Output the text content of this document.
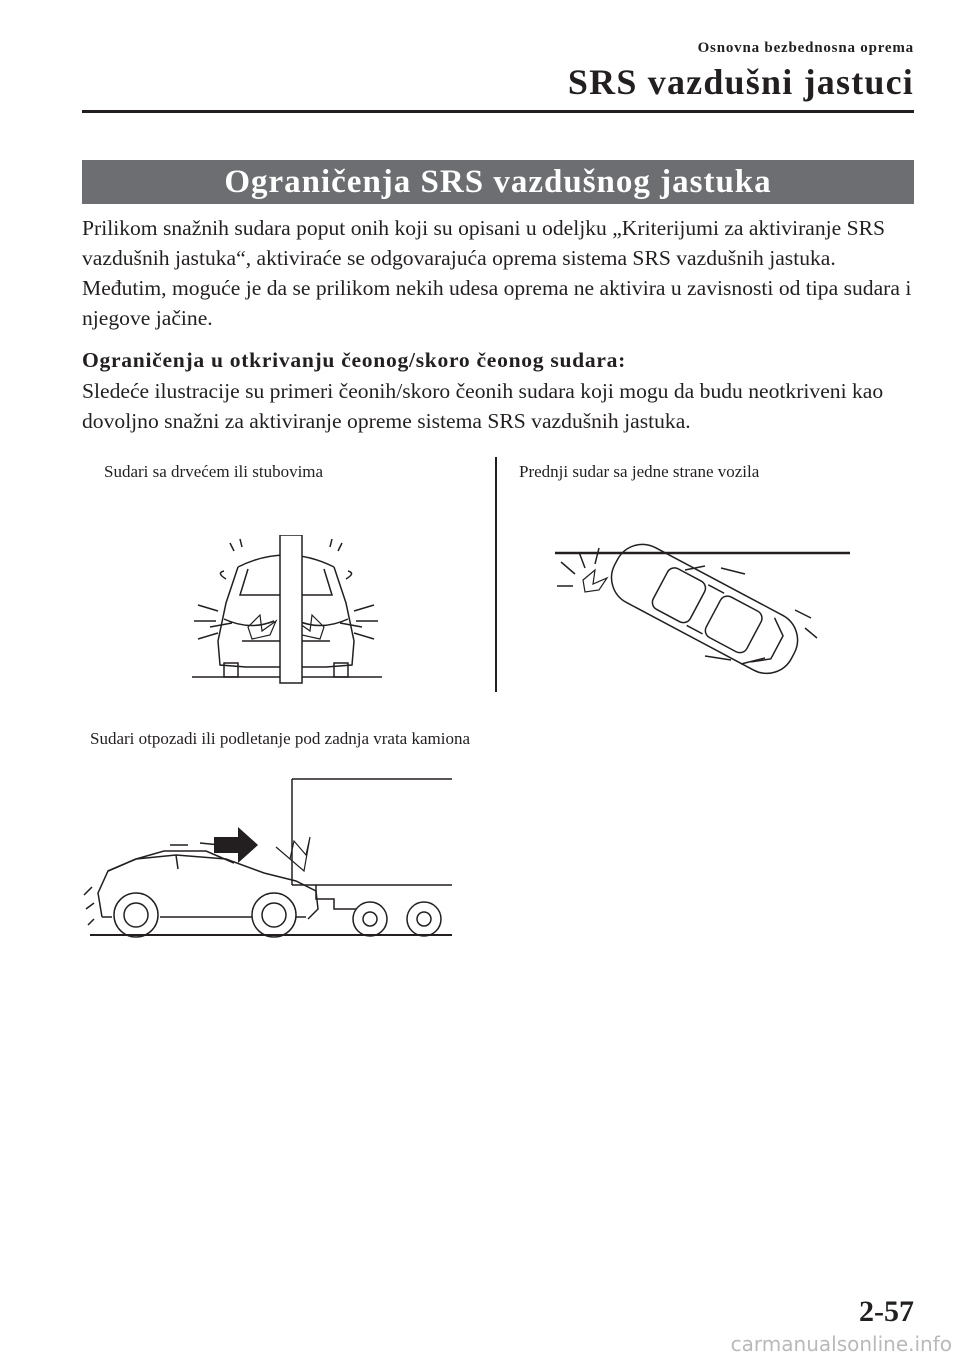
Osnovna bezbednosna oprema
SRS vazdušni jastuci
Ograničenja SRS vazdušnog jastuka
Prilikom snažnih sudara poput onih koji su opisani u odeljku „Kriterijumi za aktiviranje SRS vazdušnih jastuka“, aktiviraće se odgovarajuća oprema sistema SRS vazdušnih jastuka. Međutim, moguće je da se prilikom nekih udesa oprema ne aktivira u zavisnosti od tipa sudara i njegove jačine.
Ograničenja u otkrivanju čeonog/skoro čeonog sudara:
Sledeće ilustracije su primeri čeonih/skoro čeonih sudara koji mogu da budu neotkriveni kao dovoljno snažni za aktiviranje opreme sistema SRS vazdušnih jastuka.
Sudari sa drvećem ili stubovima	Prednji sudar sa jedne strane vozila
Sudari otpozadi ili podletanje pod zadnja vrata kamiona
2-57
carmanualsonline.info
